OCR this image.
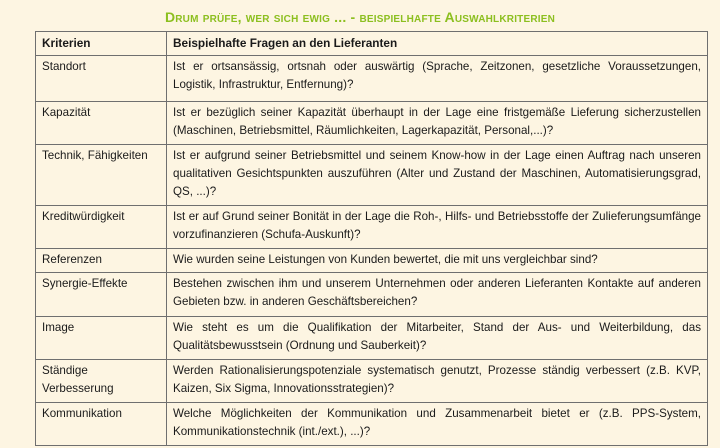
Drum prüfe, wer sich ewig ... - beispielhafte Auswahlkriterien
Kriterien	Beispielhafte Fragen an den Lieferanten
Standort	Ist er ortsansässig, ortsnah oder auswärtig (Sprache, Zeitzonen, gesetzliche Voraussetzungen, Logistik, Infrastruktur, Entfernung)?
Kapazität	Ist er bezüglich seiner Kapazität überhaupt in der Lage eine fristgemäße Lieferung sicherzustellen (Maschinen, Betriebsmittel, Räumlichkeiten, Lagerkapazität, Personal,...)?
Technik, Fähigkeiten	Ist er aufgrund seiner Betriebsmittel und seinem Know-how in der Lage einen Auftrag nach unseren qualitativen Gesichtspunkten auszuführen (Alter und Zustand der Maschinen, Automatisierungsgrad, QS, ...)?
Kreditwürdigkeit	Ist er auf Grund seiner Bonität in der Lage die Roh-, Hilfs- und Betriebsstoffe der Zulieferungsumfänge vorzufinanzieren (Schufa-Auskunft)?
Referenzen	Wie wurden seine Leistungen von Kunden bewertet, die mit uns vergleichbar sind?
Synergie-Effekte	Bestehen zwischen ihm und unserem Unternehmen oder anderen Lieferanten Kontakte auf anderen Gebieten bzw. in anderen Geschäftsbereichen?
Image	Wie steht es um die Qualifikation der Mitarbeiter, Stand der Aus- und Weiterbildung, das Qualitätsbewusstsein (Ordnung und Sauberkeit)?
Ständige Verbesserung	Werden Rationalisierungspotenziale systematisch genutzt, Prozesse ständig verbessert (z.B. KVP, Kaizen, Six Sigma, Innovationsstrategien)?
Kommunikation	Welche Möglichkeiten der Kommunikation und Zusammenarbeit bietet er (z.B. PPS-System, Kommunikationstechnik (int./ext.), ...)?
